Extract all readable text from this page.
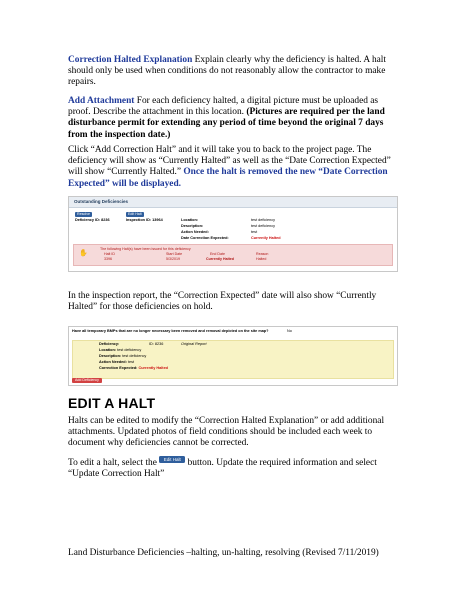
Correction Halted Explanation Explain clearly why the deficiency is halted. A halt should only be used when conditions do not reasonably allow the contractor to make repairs.
Add Attachment For each deficiency halted, a digital picture must be uploaded as proof. Describe the attachment in this location. (Pictures are required per the land disturbance permit for extending any period of time beyond the original 7 days from the inspection date.)
Click “Add Correction Halt” and it will take you to back to the project page. The deficiency will show as “Currently Halted” as well as the “Date Correction Expected” will show “Currently Halted.” Once the halt is removed the new “Date Correction Expected” will be displayed.
Outstanding Deficiencies
Resolve	Edit Halt
Deficiency ID: 8236	Inspection ID: 13964	Location:	test deficiency
Description:	test deficiency
Action Needed:	test
Date Correction Expected:	Currently Halted
✋
The following Halt(s) have been issued for this deficiency
Halt ID	Start Date	End Date	Reason
3396	5/3/2019	Currently Halted	Halted
In the inspection report, the “Correction Expected” date will also show “Currently Halted” for those deficiencies on hold.
Have all temporary BMPs that are no longer necessary been removed and removal depicted on the site map?	No
Deficiency:	ID: 8236	Original Report
Location: test deficiency
Description: test deficiency
Action Needed: test
Correction Expected: Currently Halted
Add Deficiency
EDIT A HALT
Halts can be edited to modify the “Correction Halted Explanation” or add additional attachments. Updated photos of field conditions should be included each week to document why deficiencies cannot be corrected.
To edit a halt, select the Edit Halt button. Update the required information and select “Update Correction Halt”
Land Disturbance Deficiencies –halting, un-halting, resolving (Revised 7/11/2019)
